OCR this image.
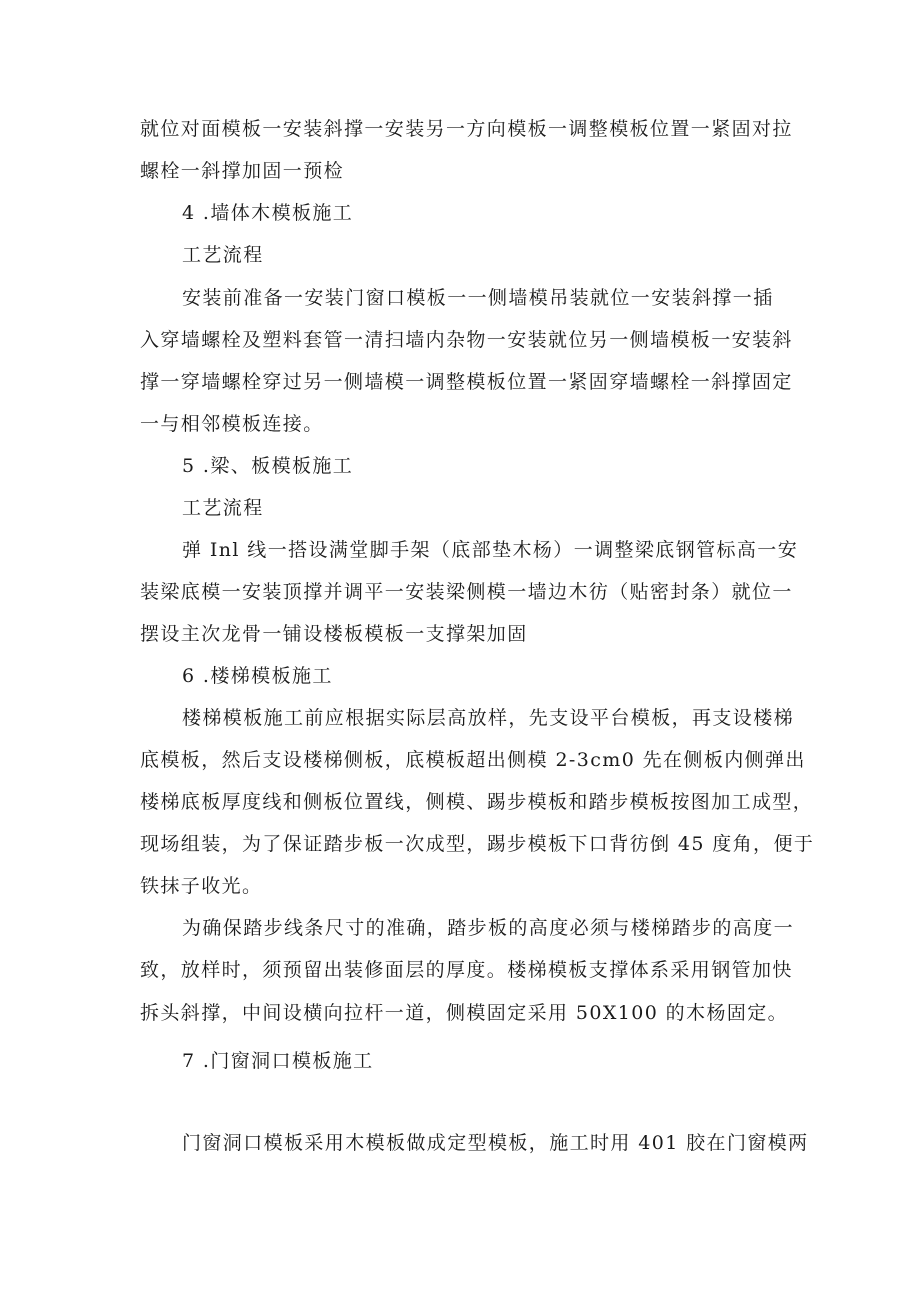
就位对面模板一安装斜撑一安装另一方向模板一调整模板位置一紧固对拉
螺栓一斜撑加固一预检
4 .墙体木模板施工
工艺流程
安装前准备一安装门窗口模板一一侧墙模吊装就位一安装斜撑一插
入穿墙螺栓及塑料套管一清扫墙内杂物一安装就位另一侧墙模板一安装斜
撑一穿墙螺栓穿过另一侧墙模一调整模板位置一紧固穿墙螺栓一斜撑固定
一与相邻模板连接。
5 .梁、板模板施工
工艺流程
弹 Inl 线一搭设满堂脚手架（底部垫木杨）一调整梁底钢管标高一安
装梁底模一安装顶撑并调平一安装梁侧模一墙边木彷（贴密封条）就位一
摆设主次龙骨一铺设楼板模板一支撑架加固
6 .楼梯模板施工
楼梯模板施工前应根据实际层高放样，先支设平台模板，再支设楼梯
底模板，然后支设楼梯侧板，底模板超出侧模 2-3cm0 先在侧板内侧弹出
楼梯底板厚度线和侧板位置线，侧模、踢步模板和踏步模板按图加工成型，
现场组装，为了保证踏步板一次成型，踢步模板下口背彷倒 45 度角，便于
铁抹子收光。
为确保踏步线条尺寸的准确，踏步板的高度必须与楼梯踏步的高度一
致，放样时，须预留出装修面层的厚度。楼梯模板支撑体系采用钢管加快
拆头斜撑，中间设横向拉杆一道，侧模固定采用 50X100 的木杨固定。
7 .门窗洞口模板施工
门窗洞口模板采用木模板做成定型模板，施工时用 401 胶在门窗模两
